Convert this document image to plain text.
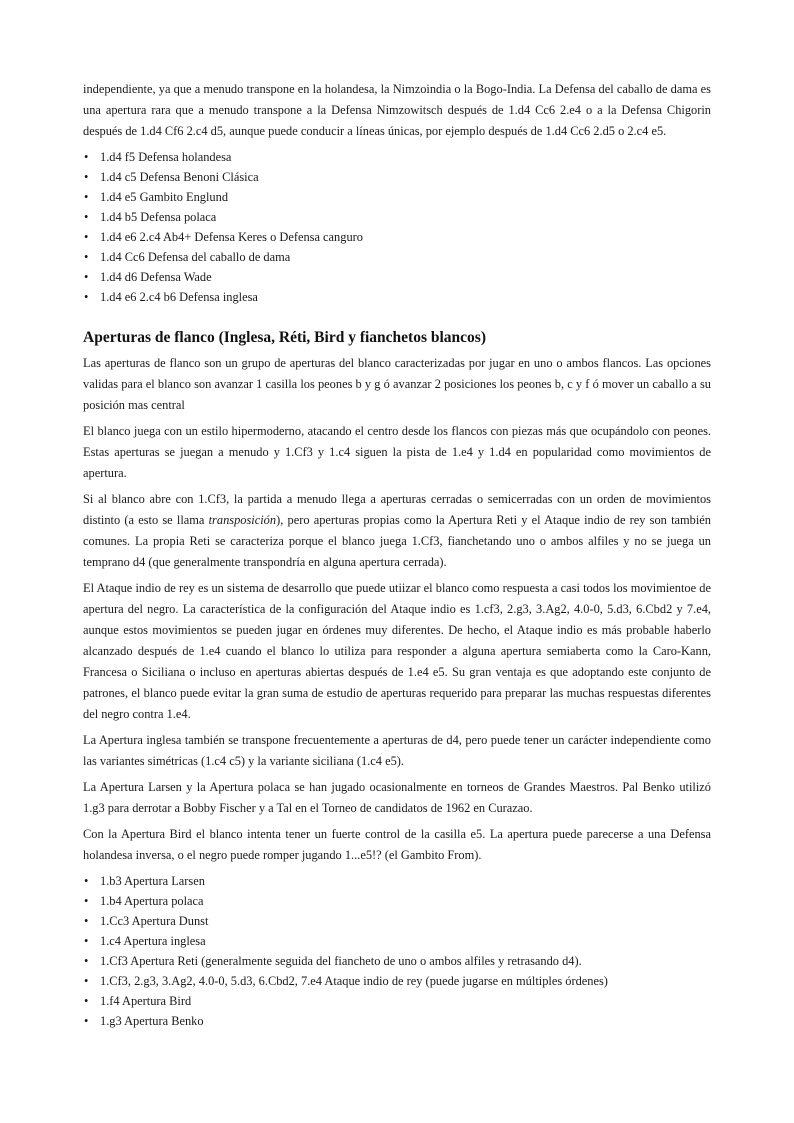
independiente, ya que a menudo transpone en la holandesa, la Nimzoindia o la Bogo-India. La Defensa del caballo de dama es una apertura rara que a menudo transpone a la Defensa Nimzowitsch después de 1.d4 Cc6 2.e4 o a la Defensa Chigorin después de 1.d4 Cf6 2.c4 d5, aunque puede conducir a líneas únicas, por ejemplo después de 1.d4 Cc6 2.d5 o 2.c4 e5.

• 1.d4 f5 Defensa holandesa
• 1.d4 c5 Defensa Benoni Clásica
• 1.d4 e5 Gambito Englund
• 1.d4 b5 Defensa polaca
• 1.d4 e6 2.c4 Ab4+ Defensa Keres o Defensa canguro
• 1.d4 Cc6 Defensa del caballo de dama
• 1.d4 d6 Defensa Wade
• 1.d4 e6 2.c4 b6 Defensa inglesa
Aperturas de flanco (Inglesa, Réti, Bird y fianchetos blancos)

Las aperturas de flanco son un grupo de aperturas del blanco caracterizadas por jugar en uno o ambos flancos. Las opciones validas para el blanco son avanzar 1 casilla los peones b y g ó avanzar 2 posiciones los peones b, c y f ó mover un caballo a su posición mas central

El blanco juega con un estilo hipermoderno, atacando el centro desde los flancos con piezas más que ocupándolo con peones. Estas aperturas se juegan a menudo y 1.Cf3 y 1.c4 siguen la pista de 1.e4 y 1.d4 en popularidad como movimientos de apertura.

Si al blanco abre con 1.Cf3, la partida a menudo llega a aperturas cerradas o semicerradas con un orden de movimientos distinto (a esto se llama transposición), pero aperturas propias como la Apertura Reti y el Ataque indio de rey son también comunes. La propia Reti se caracteriza porque el blanco juega 1.Cf3, fianchetando uno o ambos alfiles y no se juega un temprano d4 (que generalmente transpondría en alguna apertura cerrada).

El Ataque indio de rey es un sistema de desarrollo que puede utiizar el blanco como respuesta a casi todos los movimientoe de apertura del negro. La característica de la configuración del Ataque indio es 1.cf3, 2.g3, 3.Ag2, 4.0-0, 5.d3, 6.Cbd2 y 7.e4, aunque estos movimientos se pueden jugar en órdenes muy diferentes. De hecho, el Ataque indio es más probable haberlo alcanzado después de 1.e4 cuando el blanco lo utiliza para responder a alguna apertura semiaberta como la Caro-Kann, Francesa o Siciliana o incluso en aperturas abiertas después de 1.e4 e5. Su gran ventaja es que adoptando este conjunto de patrones, el blanco puede evitar la gran suma de estudio de aperturas requerido para preparar las muchas respuestas diferentes del negro contra 1.e4.

La Apertura inglesa también se transpone frecuentemente a aperturas de d4, pero puede tener un carácter independiente como las variantes simétricas (1.c4 c5) y la variante siciliana (1.c4 e5).

La Apertura Larsen y la Apertura polaca se han jugado ocasionalmente en torneos de Grandes Maestros. Pal Benko utilizó 1.g3 para derrotar a Bobby Fischer y a Tal en el Torneo de candidatos de 1962 en Curazao.

Con la Apertura Bird el blanco intenta tener un fuerte control de la casilla e5. La apertura puede parecerse a una Defensa holandesa inversa, o el negro puede romper jugando 1...e5!? (el Gambito From).

• 1.b3 Apertura Larsen
• 1.b4 Apertura polaca
• 1.Cc3 Apertura Dunst
• 1.c4 Apertura inglesa
• 1.Cf3 Apertura Reti (generalmente seguida del fiancheto de uno o ambos alfiles y retrasando d4).
• 1.Cf3, 2.g3, 3.Ag2, 4.0-0, 5.d3, 6.Cbd2, 7.e4 Ataque indio de rey (puede jugarse en múltiples órdenes)
• 1.f4 Apertura Bird
• 1.g3 Apertura Benko
